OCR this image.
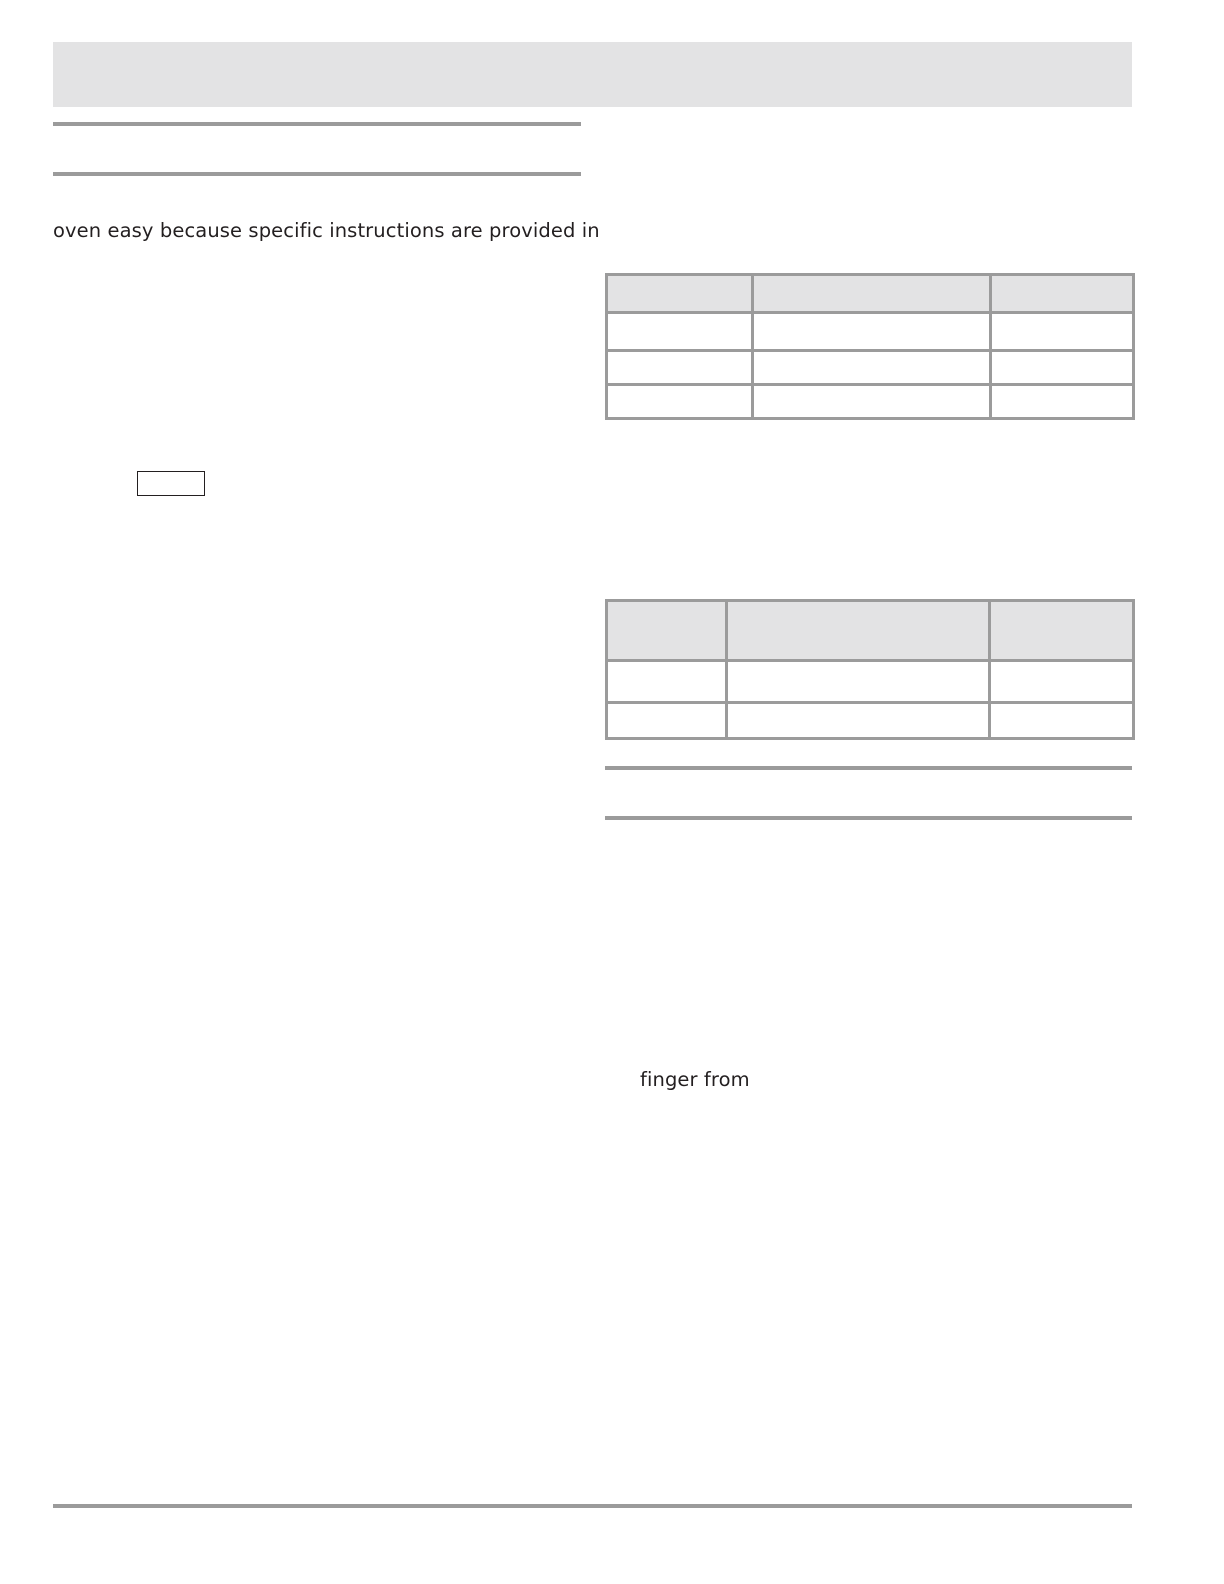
oven easy because specific instructions are provided in

finger from
